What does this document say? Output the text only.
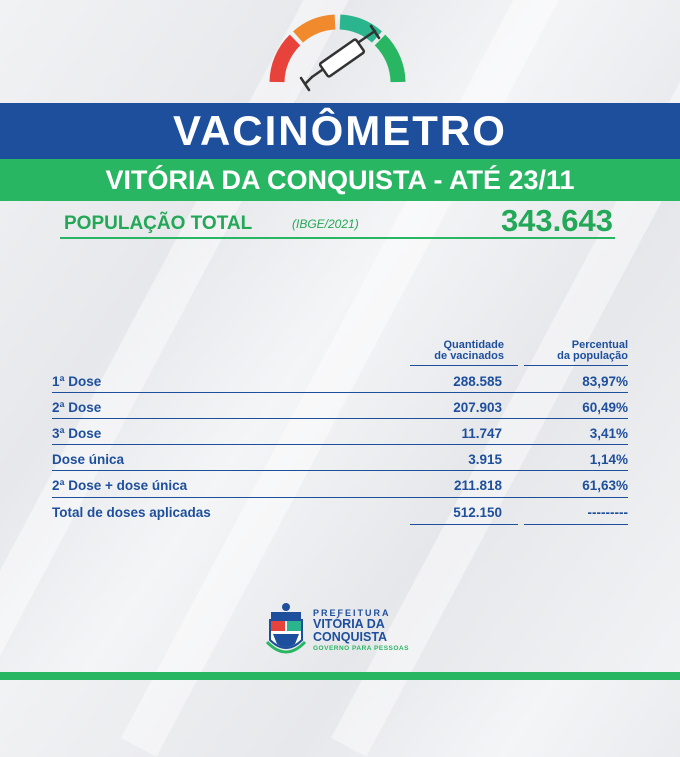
VACINÔMETRO
VITÓRIA DA CONQUISTA - ATÉ 23/11
POPULAÇÃO TOTAL	(IBGE/2021)	343.643
Quantidade
de vacinados
Percentual
da população
1ª Dose	288.585	83,97%
2ª Dose	207.903	60,49%
3ª Dose	11.747	3,41%
Dose única	3.915	1,14%
2ª Dose + dose única	211.818	61,63%
Total de doses aplicadas	512.150	---------
PREFEITURA
VITÓRIA DA
CONQUISTA
GOVERNO PARA PESSOAS
